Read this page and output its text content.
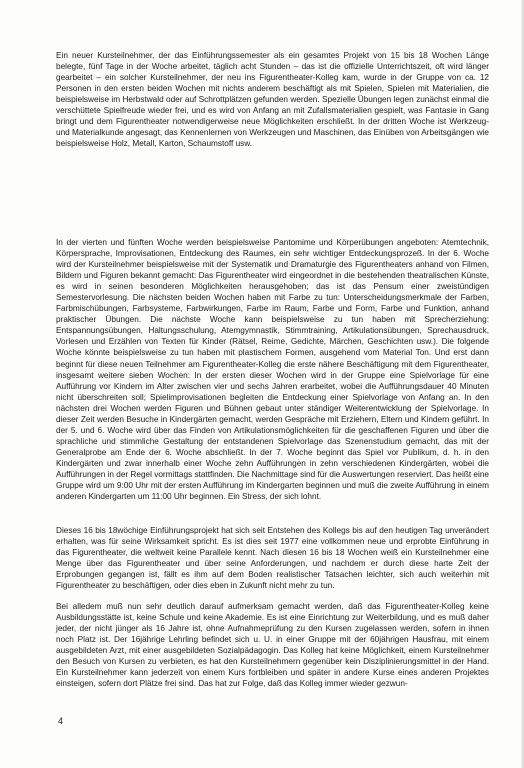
Ein neuer Kursteilnehmer, der das Einführungssemester als ein gesamtes Projekt von 15 bis 18 Wochen Länge belegte, fünf Tage in der Woche arbeitet, täglich acht Stunden – das ist die offizielle Unterrichtszeit, oft wird länger gearbeitet – ein solcher Kursteilnehmer, der neu ins Figurentheater-Kolleg kam, wurde in der Gruppe von ca. 12 Personen in den ersten beiden Wochen mit nichts anderem beschäftigt als mit Spielen, Spielen mit Materialien, die beispielsweise im Herbstwald oder auf Schrottplätzen gefunden werden. Spezielle Übungen legen zunächst einmal die verschüttete Spielfreude wieder frei, und es wird von Anfang an mit Zufallsmaterialien gespielt, was Fantasie in Gang bringt und dem Figurentheater notwendigerweise neue Möglichkeiten erschließt. In der dritten Woche ist Werkzeug- und Materialkunde angesagt, das Kennenlernen von Werkzeugen und Maschinen, das Einüben von Arbeitsgängen wie beispielsweise Holz, Metall, Karton, Schaumstoff usw.

In der vierten und fünften Woche werden beispielsweise Pantomime und Körperübungen angeboten: Atemtechnik, Körpersprache, Improvisationen, Entdeckung des Raumes, ein sehr wichtiger Entdeckungsprozeß. In der 6. Woche wird der Kursteilnehmer beispielsweise mit der Systematik und Dramaturgie des Figurentheaters anhand von Filmen, Bildern und Figuren bekannt gemacht: Das Figurentheater wird eingeordnet in die bestehenden theatralischen Künste, es wird in seinen besonderen Möglichkeiten herausgehoben; das ist das Pensum einer zweistündigen Semestervorlesung. Die nächsten beiden Wochen haben mit Farbe zu tun: Unterscheidungsmerkmale der Farben, Farbmischübungen, Farbsysteme, Farbwirkungen, Farbe im Raum, Farbe und Form, Farbe und Funktion, anhand praktischer Übungen. Die nächste Woche kann beispielsweise zu tun haben mit Sprecherziehung: Entspannungsübungen, Haltungsschulung, Atemgymnastik, Stimmtraining, Artikulationsübungen, Sprechausdruck, Vorlesen und Erzählen von Texten für Kinder (Rätsel, Reime, Gedichte, Märchen, Geschichten usw.). Die folgende Woche könnte beispielsweise zu tun haben mit plastischem Formen, ausgehend vom Material Ton. Und erst dann beginnt für diese neuen Teilnehmer am Figurentheater-Kolleg die erste nähere Beschäftigung mit dem Figurentheater, insgesamt weitere sieben Wochen: In der ersten dieser Wochen wird in der Gruppe eine Spielvorlage für eine Aufführung vor Kindern im Alter zwischen vier und sechs Jahren erarbeitet, wobei die Aufführungsdauer 40 Minuten nicht überschreiten soll; Spielimprovisationen begleiten die Entdeckung einer Spielvorlage von Anfang an. In den nächsten drei Wochen werden Figuren und Bühnen gebaut unter ständiger Weiterentwicklung der Spielvorlage. In dieser Zeit werden Besuche in Kindergärten gemacht, werden Gespräche mit Erziehern, Eltern und Kindern geführt. In der 5. und 6. Woche wird über das Finden von Artikulationsmöglichkeiten für die geschaffenen Figuren und über die sprachliche und stimmliche Gestaltung der entstandenen Spielvorlage das Szenenstudium gemacht, das mit der Generalprobe am Ende der 6. Woche abschließt. In der 7. Woche beginnt das Spiel vor Publikum, d. h. in den Kindergärten und zwar innerhalb einer Woche zehn Aufführungen in zehn verschiedenen Kindergärten, wobei die Aufführungen in der Regel vormittags stattfinden. Die Nachmittage sind für die Auswertungen reserviert. Das heißt eine Gruppe wird um 9:00 Uhr mit der ersten Aufführung im Kindergarten beginnen und muß die zweite Aufführung in einem anderen Kindergarten um 11:00 Uhr beginnen. Ein Stress, der sich lohnt.

Dieses 16 bis 18wöchige Einführungsprojekt hat sich seit Entstehen des Kollegs bis auf den heutigen Tag unverändert erhalten, was für seine Wirksamkeit spricht. Es ist dies seit 1977 eine vollkommen neue und erprobte Einführung in das Figurentheater, die weltweit keine Parallele kennt. Nach diesen 16 bis 18 Wochen weiß ein Kursteilnehmer eine Menge über das Figurentheater und über seine Anforderungen, und nachdem er durch diese harte Zeit der Erprobungen gegangen ist, fällt es ihm auf dem Boden realistischer Tatsachen leichter, sich auch weiterhin mit Figurentheater zu beschäftigen, oder dies eben in Zukunft nicht mehr zu tun.

Bei alledem muß nun sehr deutlich darauf aufmerksam gemacht werden, daß das Figurentheater-Kolleg keine Ausbildungsstätte ist, keine Schule und keine Akademie. Es ist eine Einrichtung zur Weiterbildung, und es muß daher jeder, der nicht jünger als 16 Jahre ist, ohne Aufnahmeprüfung zu den Kursen zugelassen werden, sofern in ihnen noch Platz ist. Der 16jährige Lehrling befindet sich u. U. in einer Gruppe mit der 60jährigen Hausfrau, mit einem ausgebildeten Arzt, mit einer ausgebildeten Sozialpädagogin. Das Kolleg hat keine Möglichkeit, einem Kursteilnehmer den Besuch von Kursen zu verbieten, es hat den Kursteilnehmern gegenüber kein Disziplinierungsmittel in der Hand. Ein Kursteilnehmer kann jederzeit von einem Kurs fortbleiben und später in andere Kurse eines anderen Projektes einsteigen, sofern dort Plätze frei sind. Das hat zur Folge, daß das Kolleg immer wieder gezwun-

4
